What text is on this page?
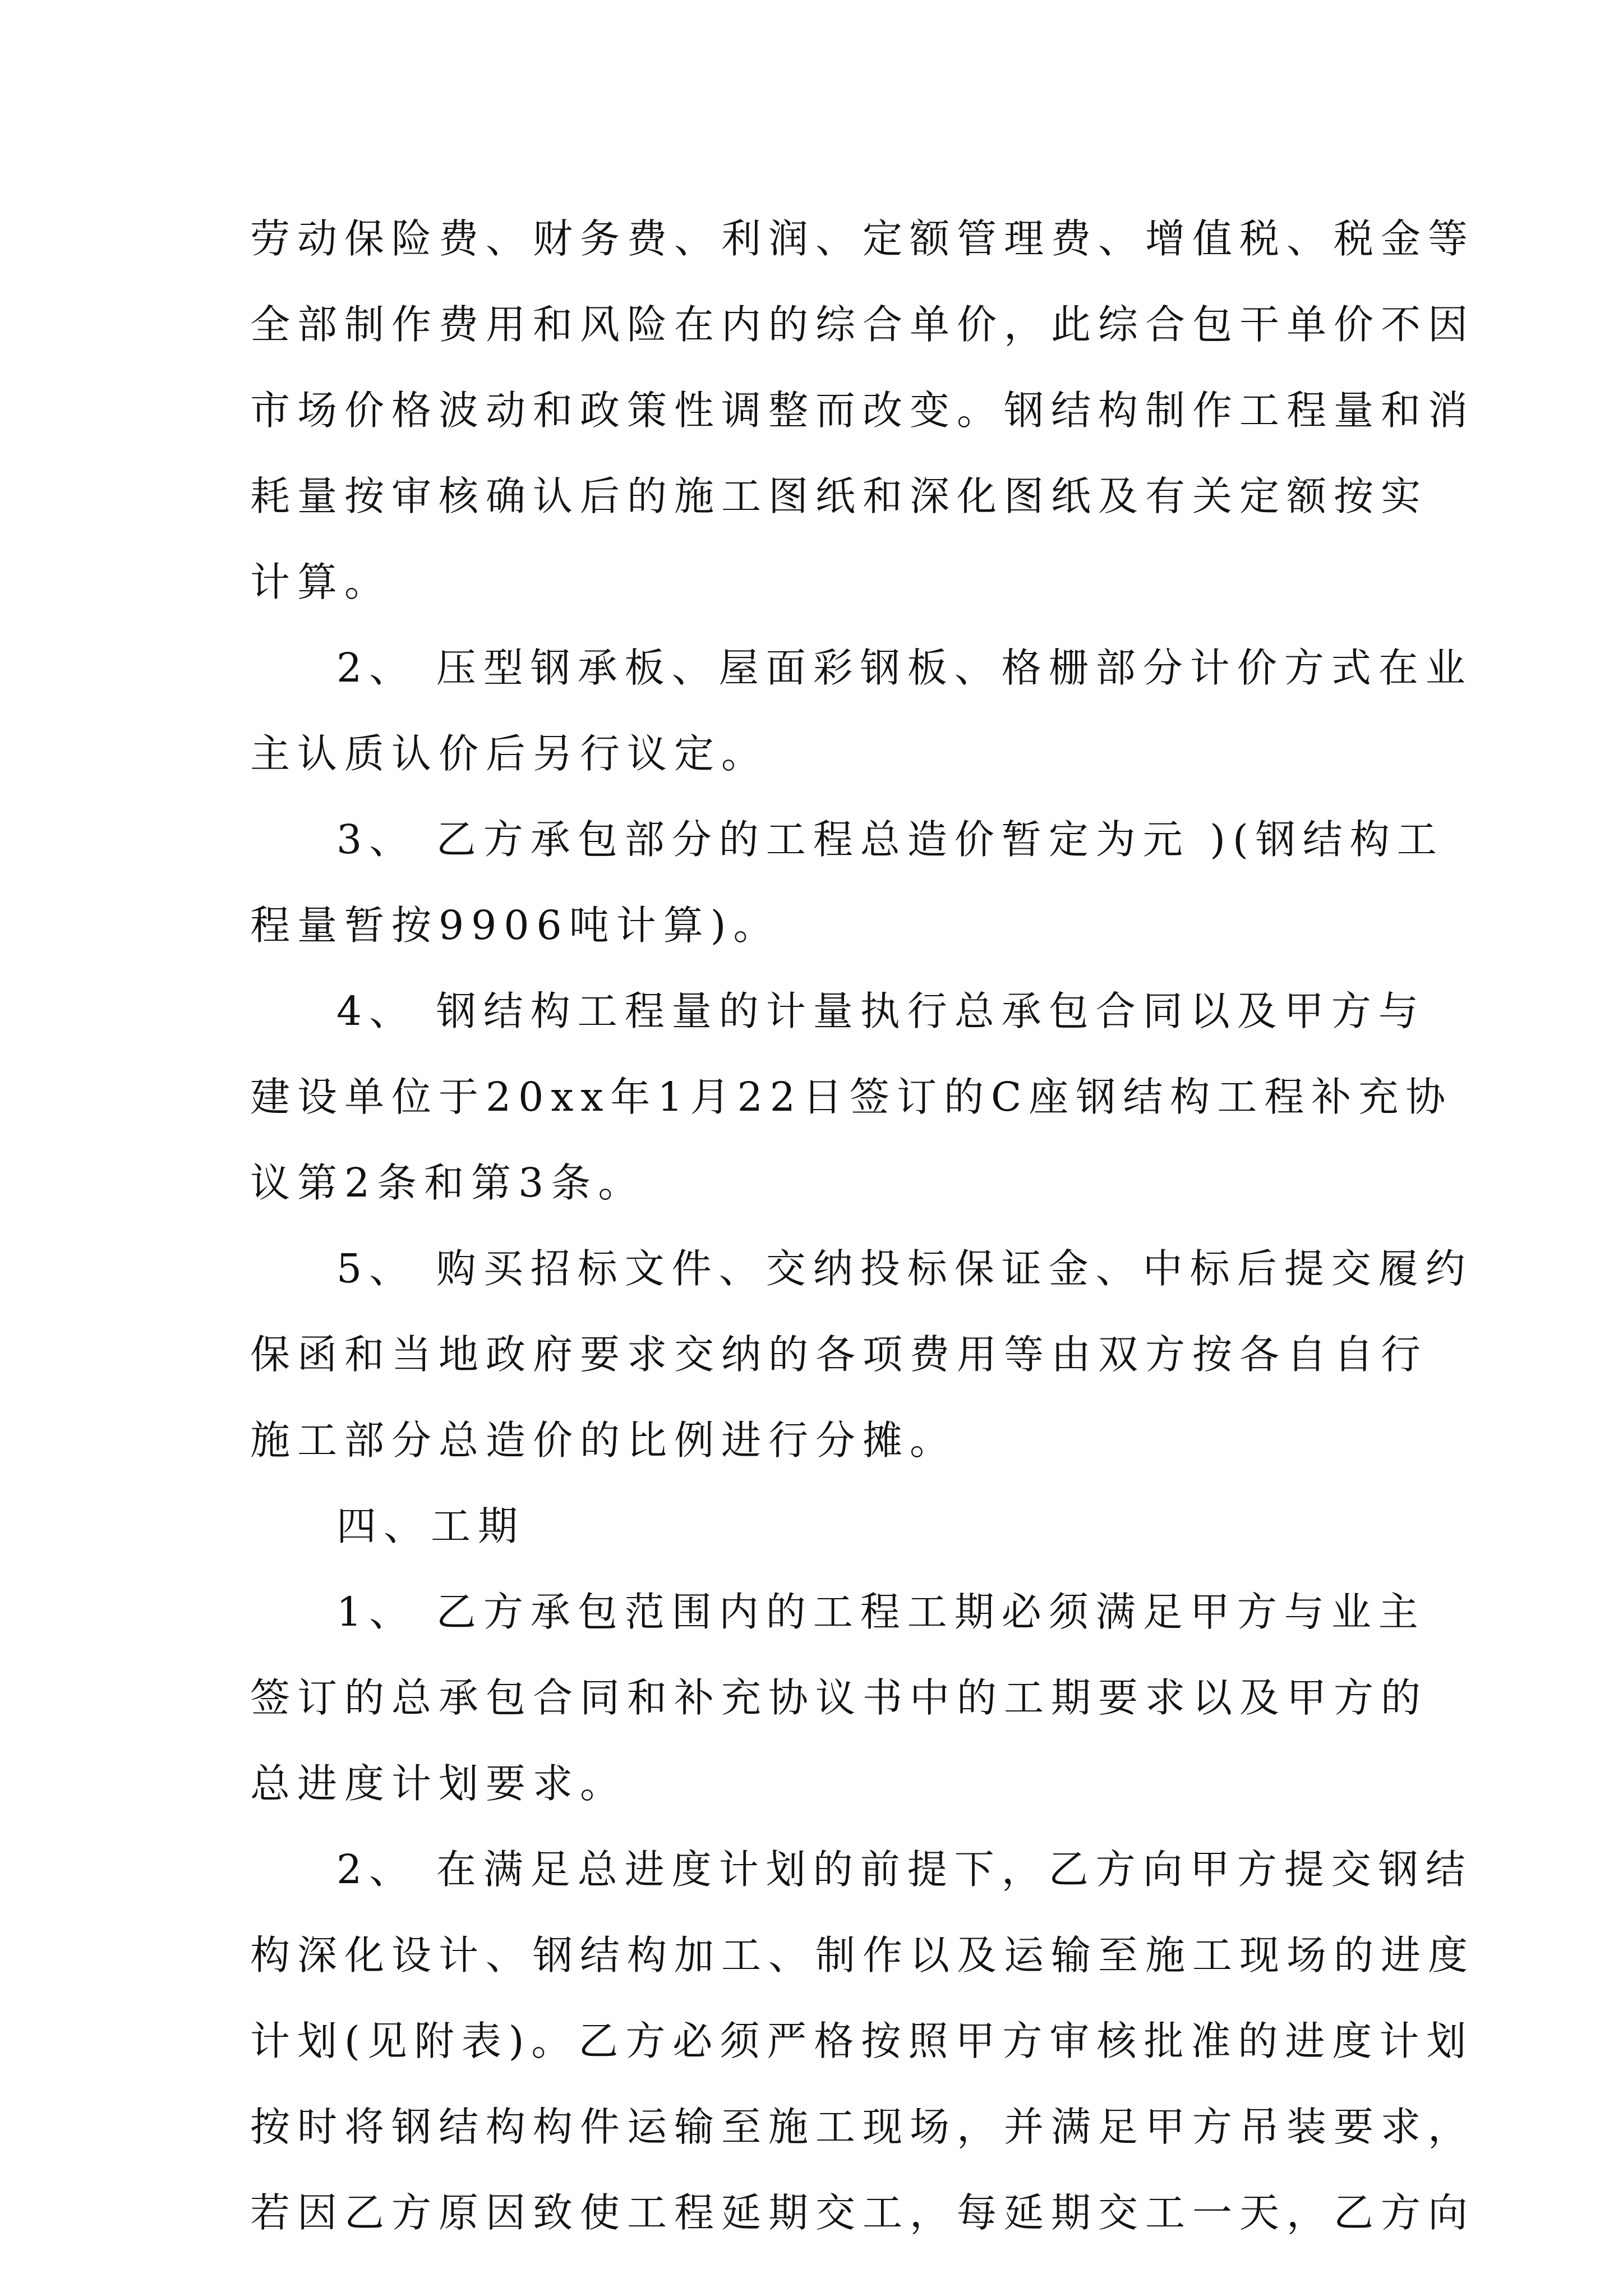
劳动保险费、财务费、利润、定额管理费、增值税、税金等

全部制作费用和风险在内的综合单价，此综合包干单价不因

市场价格波动和政策性调整而改变。钢结构制作工程量和消

耗量按审核确认后的施工图纸和深化图纸及有关定额按实

计算。

2、 压型钢承板、屋面彩钢板、格栅部分计价方式在业

主认质认价后另行议定。

3、 乙方承包部分的工程总造价暂定为元 )(钢结构工

程量暂按9906吨计算)。

4、 钢结构工程量的计量执行总承包合同以及甲方与

建设单位于20xx年1月22日签订的C座钢结构工程补充协

议第2条和第3条。

5、 购买招标文件、交纳投标保证金、中标后提交履约

保函和当地政府要求交纳的各项费用等由双方按各自自行

施工部分总造价的比例进行分摊。

四、工期

1、 乙方承包范围内的工程工期必须满足甲方与业主

签订的总承包合同和补充协议书中的工期要求以及甲方的

总进度计划要求。

2、 在满足总进度计划的前提下，乙方向甲方提交钢结

构深化设计、钢结构加工、制作以及运输至施工现场的进度

计划(见附表)。乙方必须严格按照甲方审核批准的进度计划

按时将钢结构构件运输至施工现场，并满足甲方吊装要求，

若因乙方原因致使工程延期交工，每延期交工一天，乙方向
